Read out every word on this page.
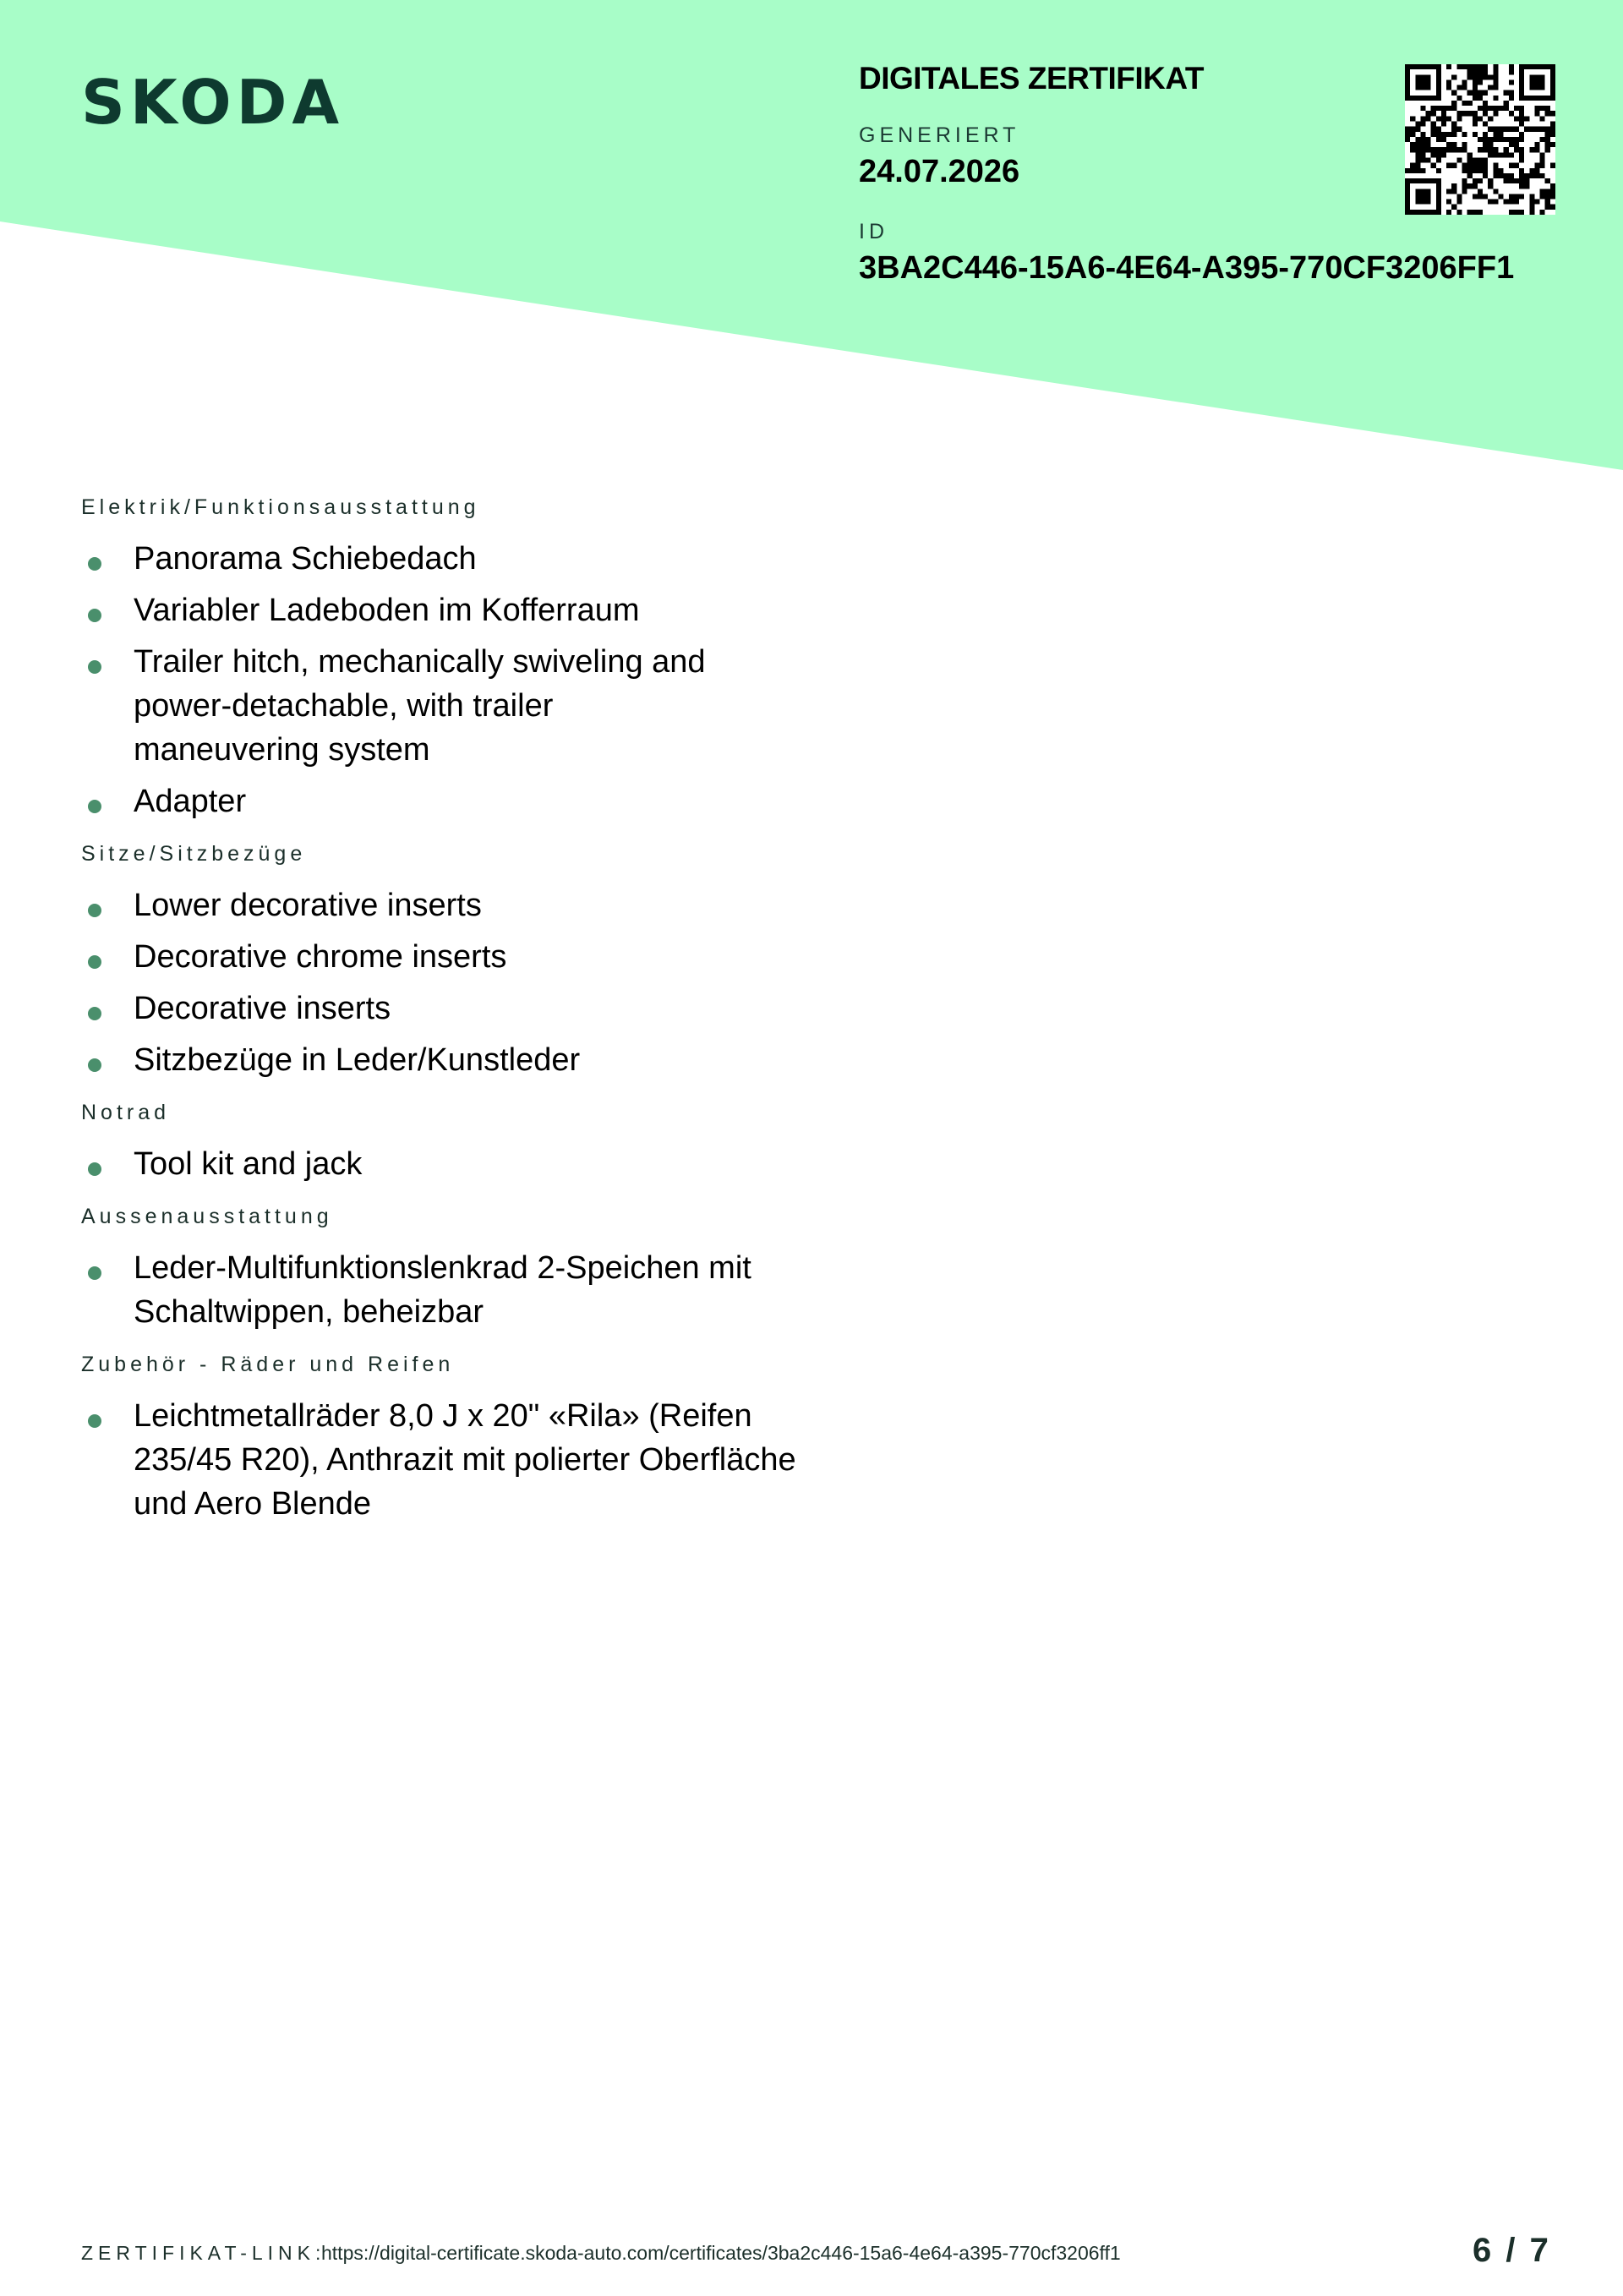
SKODA	DIGITALES ZERTIFIKAT
GENERIERT
24.07.2026
ID
3BA2C446-15A6-4E64-A395-770CF3206FF1
Elektrik/Funktionsausstattung
Panorama Schiebedach
Variabler Ladeboden im Kofferraum
Trailer hitch, mechanically swiveling and power-detachable, with trailer maneuvering system
Adapter
Sitze/Sitzbezüge
Lower decorative inserts
Decorative chrome inserts
Decorative inserts
Sitzbezüge in Leder/Kunstleder
Notrad
Tool kit and jack
Aussenausstattung
Leder-Multifunktionslenkrad 2-Speichen mit Schaltwippen, beheizbar
Zubehör - Räder und Reifen
Leichtmetallräder 8,0 J x 20" «Rila» (Reifen 235/45 R20), Anthrazit mit polierter Oberfläche und Aero Blende
ZERTIFIKAT-LINK:
https://digital-certificate.skoda-auto.com/certificates/3ba2c446-15a6-4e64-a395-770cf3206ff1	6 / 7
